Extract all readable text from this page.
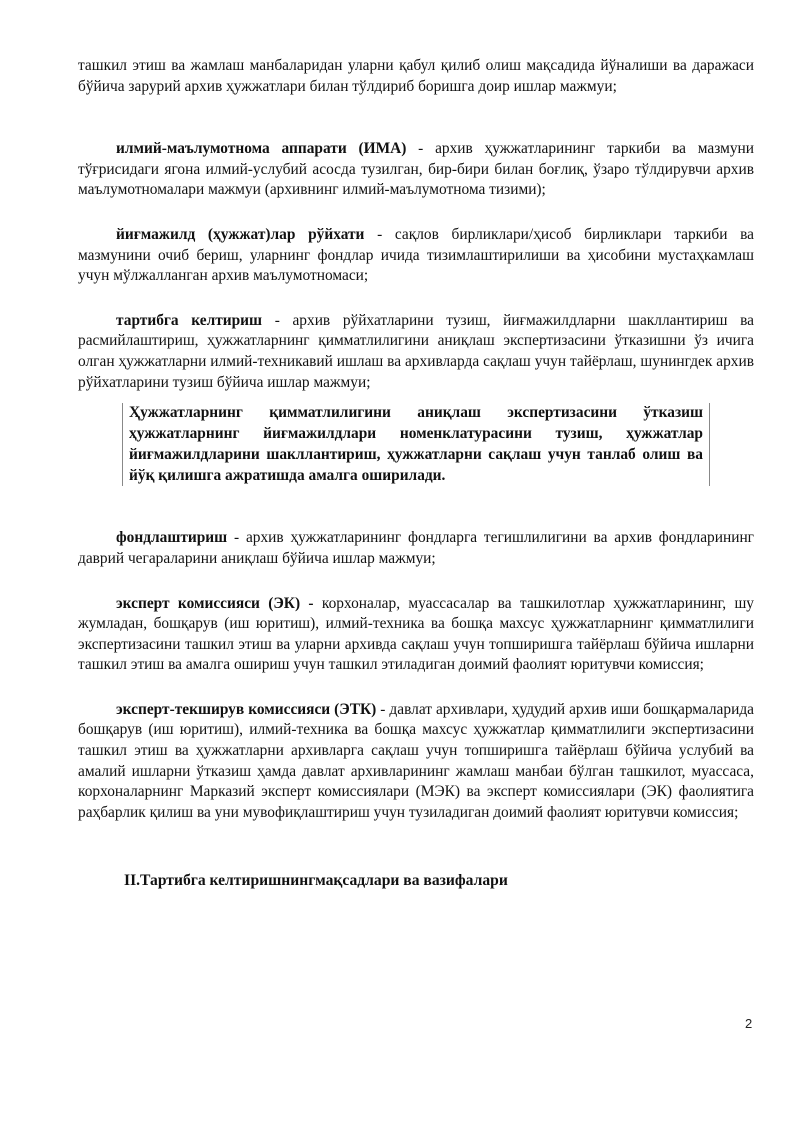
ташкил этиш ва жамлаш манбаларидан уларни қабул қилиб олиш мақсадида йўналиши ва даражаси бўйича зарурий архив ҳужжатлари билан тўлдириб боришга доир ишлар мажмуи;

илмий-маълумотнома аппарати (ИМА) - архив ҳужжатларининг таркиби ва мазмуни тўғрисидаги ягона илмий-услубий асосда тузилган, бир-бири билан боғлиқ, ўзаро тўлдирувчи архив маълумотномалари мажмуи (архивнинг илмий-маълумотнома тизими);

йиғмажилд (ҳужжат)лар рўйхати - сақлов бирликлари/ҳисоб бирликлари таркиби ва мазмунини очиб бериш, уларнинг фондлар ичида тизимлаштирилиши ва ҳисобини мустаҳкамлаш учун мўлжалланган архив маълумотномаси;

тартибга келтириш - архив рўйхатларини тузиш, йиғмажилдларни шакллантириш ва расмийлаштириш, ҳужжатларнинг қимматлилигини аниқлаш экспертизасини ўтказишни ўз ичига олган ҳужжатларни илмий-техникавий ишлаш ва архивларда сақлаш учун тайёрлаш, шунингдек архив рўйхатларини тузиш бўйича ишлар мажмуи;

Ҳужжатларнинг қимматлилигини аниқлаш экспертизасини ўтказиш ҳужжатларнинг йиғмажилдлари номенклатурасини тузиш, ҳужжатлар йиғмажилдларини шакллантириш, ҳужжатларни сақлаш учун танлаб олиш ва йўқ қилишга ажратишда амалга оширилади.

фондлаштириш - архив ҳужжатларининг фондларга тегишлилигини ва архив фондларининг даврий чегараларини аниқлаш бўйича ишлар мажмуи;

эксперт комиссияси (ЭК) - корхоналар, муассасалар ва ташкилотлар ҳужжатларининг, шу жумладан, бошқарув (иш юритиш), илмий-техника ва бошқа махсус ҳужжатларнинг қимматлилиги экспертизасини ташкил этиш ва уларни архивда сақлаш учун топширишга тайёрлаш бўйича ишларни ташкил этиш ва амалга ошириш учун ташкил этиладиган доимий фаолият юритувчи комиссия;

эксперт-текширув комиссияси (ЭТК) - давлат архивлари, ҳудудий архив иши бошқармаларида бошқарув (иш юритиш), илмий-техника ва бошқа махсус ҳужжатлар қимматлилиги экспертизасини ташкил этиш ва ҳужжатларни архивларга сақлаш учун топширишга тайёрлаш бўйича услубий ва амалий ишларни ўтказиш ҳамда давлат архивларининг жамлаш манбаи бўлган ташкилот, муассаса, корхоналарнинг Марказий эксперт комиссиялари (МЭК) ва эксперт комиссиялари (ЭК) фаолиятига раҳбарлик қилиш ва уни мувофиқлаштириш учун тузиладиган доимий фаолият юритувчи комиссия;

II.Тартибга келтиришнингмақсадлари ва вазифалари

2
